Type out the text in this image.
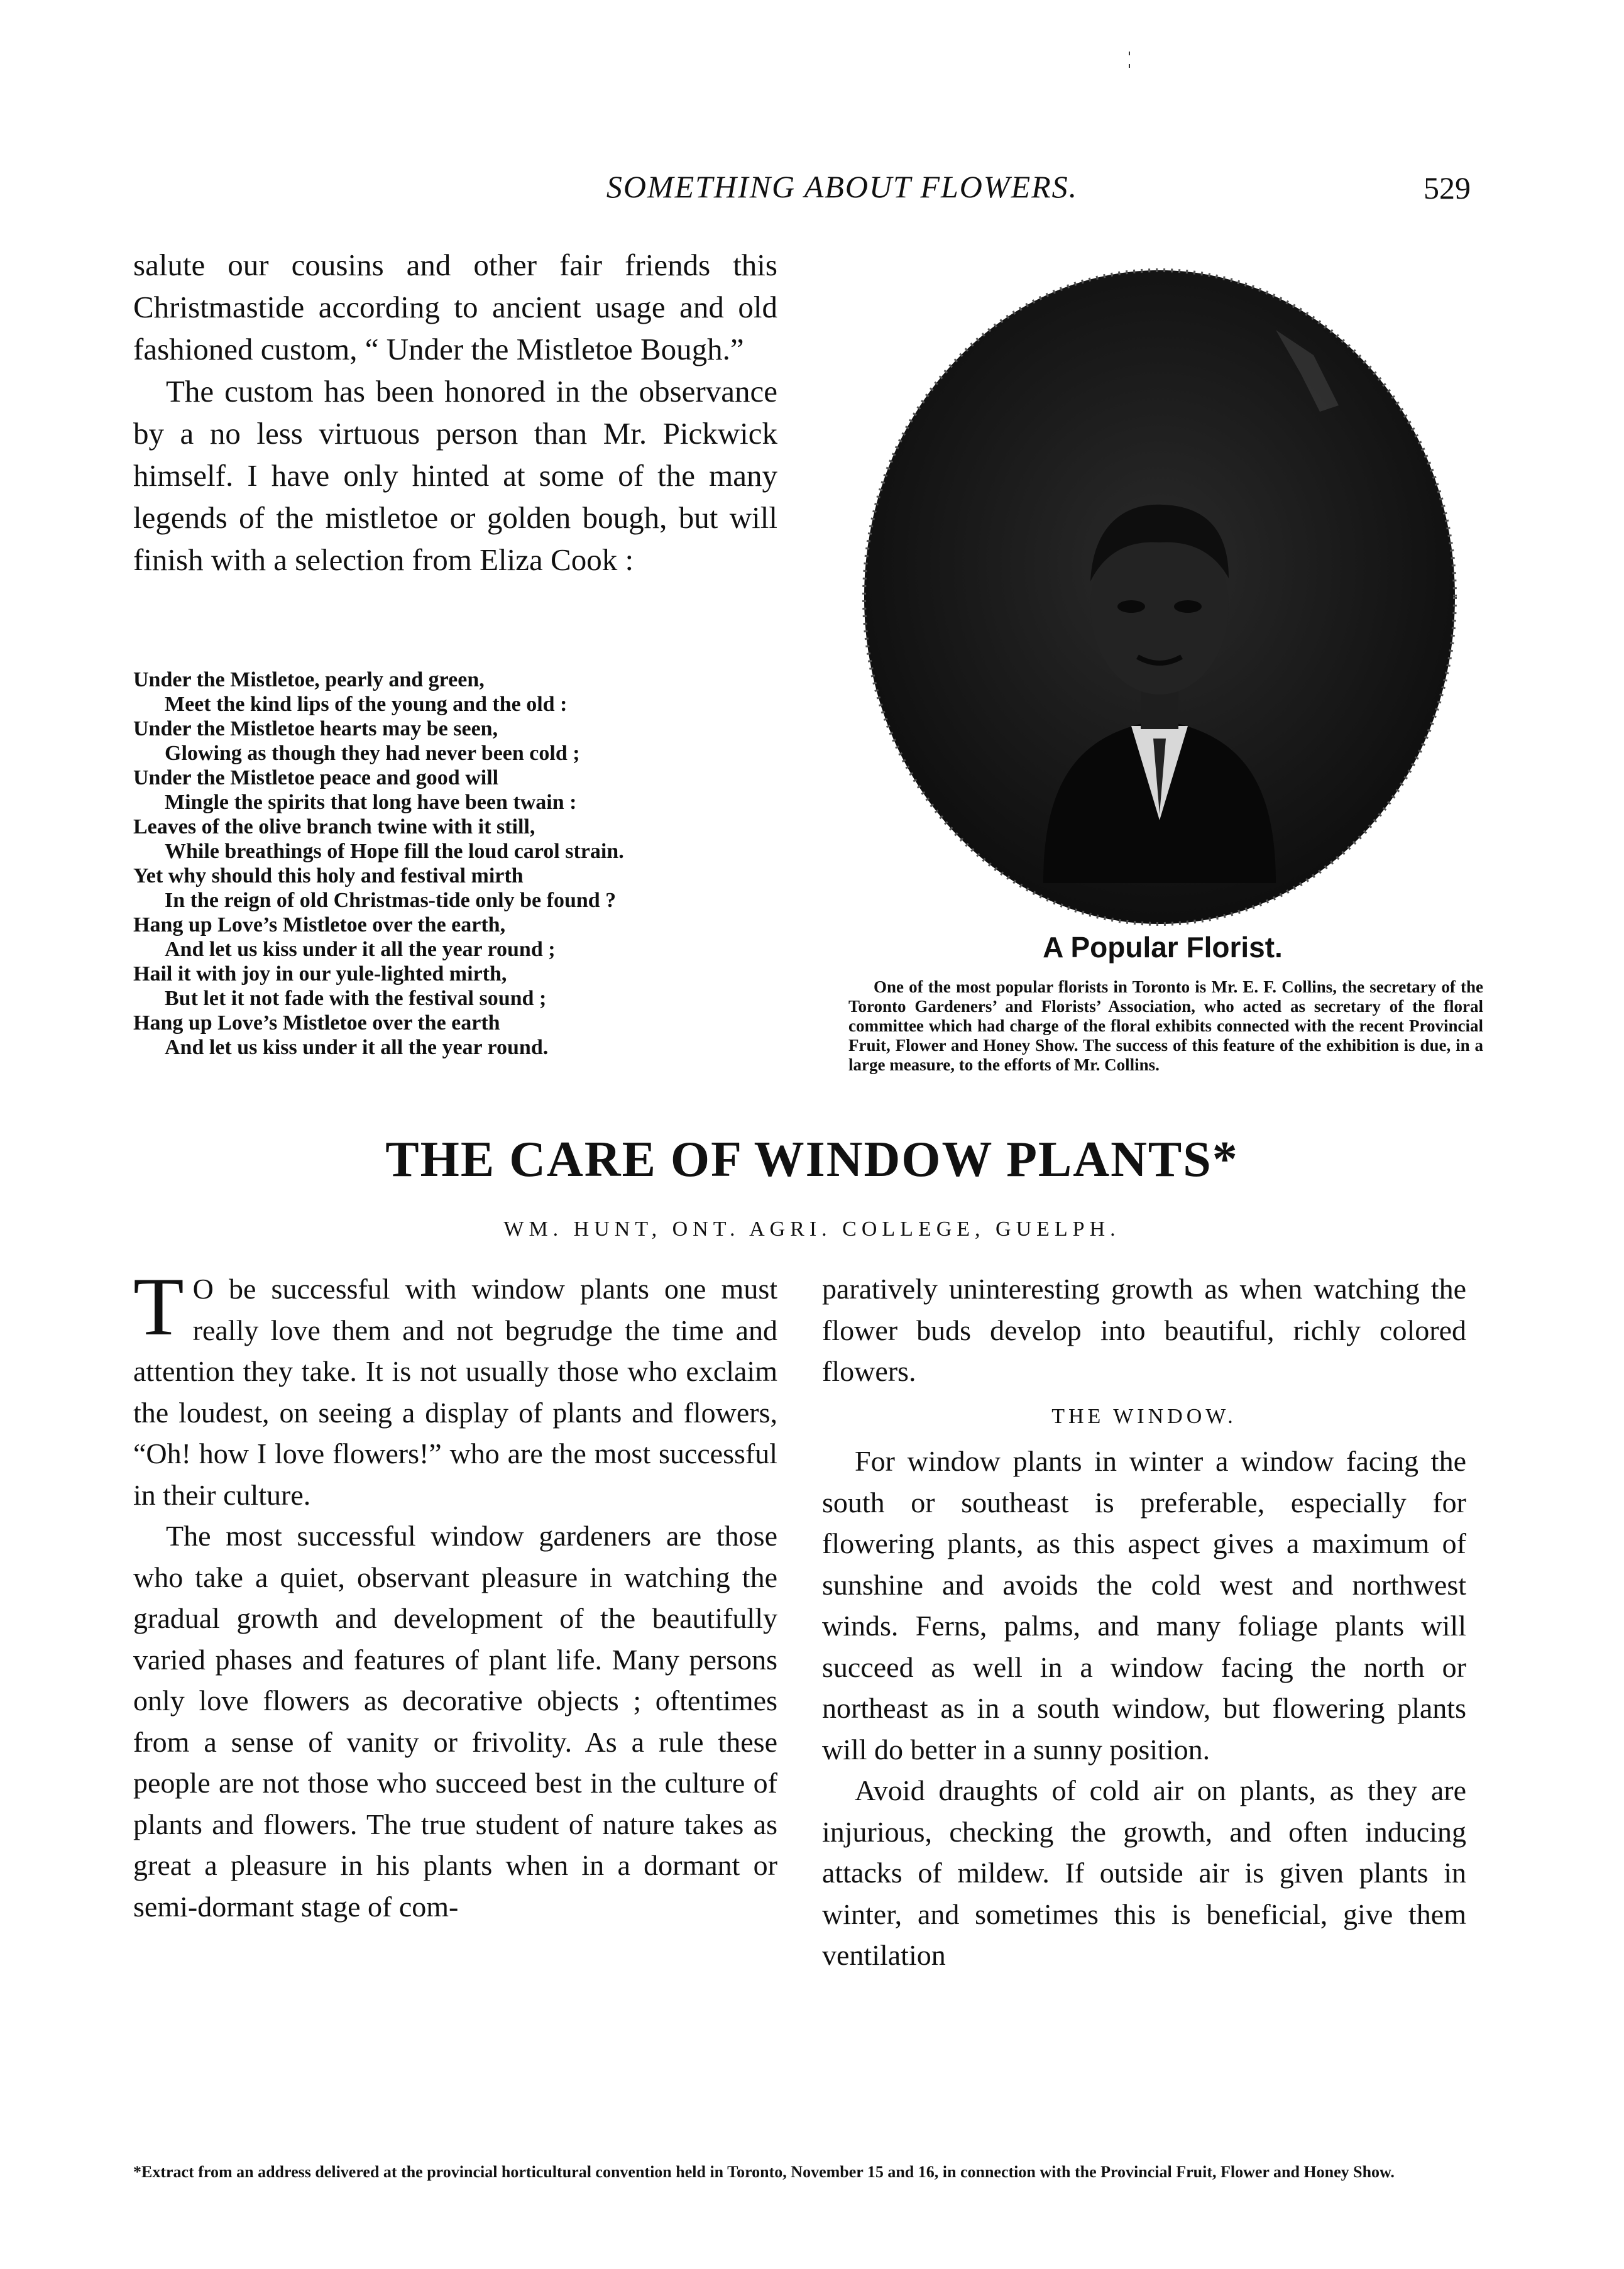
SOMETHING ABOUT FLOWERS.	529

salute our cousins and other fair friends this Christmastide according to ancient usage and old fashioned custom, “ Under the Mistletoe Bough.”

The custom has been honored in the observance by a no less virtuous person than Mr. Pickwick himself. I have only hinted at some of the many legends of the mistletoe or golden bough, but will finish with a selection from Eliza Cook :

Under the Mistletoe, pearly and green,
Meet the kind lips of the young and the old :
Under the Mistletoe hearts may be seen,
Glowing as though they had never been cold ;
Under the Mistletoe peace and good will
Mingle the spirits that long have been twain :
Leaves of the olive branch twine with it still,
While breathings of Hope fill the loud carol strain.
Yet why should this holy and festival mirth
In the reign of old Christmas-tide only be found ?
Hang up Love’s Mistletoe over the earth,
And let us kiss under it all the year round ;
Hail it with joy in our yule-lighted mirth,
But let it not fade with the festival sound ;
Hang up Love’s Mistletoe over the earth
And let us kiss under it all the year round.
A Popular Florist.
One of the most popular florists in Toronto is Mr. E. F. Collins, the secretary of the Toronto Gardeners’ and Florists’ Association, who acted as secretary of the floral committee which had charge of the floral exhibits connected with the recent Provincial Fruit, Flower and Honey Show. The success of this feature of the exhibition is due, in a large measure, to the efforts of Mr. Collins.
THE CARE OF WINDOW PLANTS*
WM. HUNT, ONT. AGRI. COLLEGE, GUELPH.

T O be successful with window plants one must really love them and not begrudge the time and attention they take. It is not usually those who exclaim the loudest, on seeing a display of plants and flowers, “Oh! how I love flowers!” who are the most successful in their culture.

The most successful window gardeners are those who take a quiet, observant pleasure in watching the gradual growth and development of the beautifully varied phases and features of plant life. Many persons only love flowers as decorative objects ; oftentimes from a sense of vanity or frivolity. As a rule these people are not those who succeed best in the culture of plants and flowers. The true student of nature takes as great a pleasure in his plants when in a dormant or semi-dormant stage of com-

paratively uninteresting growth as when watching the flower buds develop into beautiful, richly colored flowers.

THE WINDOW.

For window plants in winter a window facing the south or southeast is preferable, especially for flowering plants, as this aspect gives a maximum of sunshine and avoids the cold west and northwest winds. Ferns, palms, and many foliage plants will succeed as well in a window facing the north or northeast as in a south window, but flowering plants will do better in a sunny position.

Avoid draughts of cold air on plants, as they are injurious, checking the growth, and often inducing attacks of mildew. If outside air is given plants in winter, and sometimes this is beneficial, give them ventilation

*Extract from an address delivered at the provincial horticultural convention held in Toronto, November 15 and 16, in connection with the Provincial Fruit, Flower and Honey Show.
